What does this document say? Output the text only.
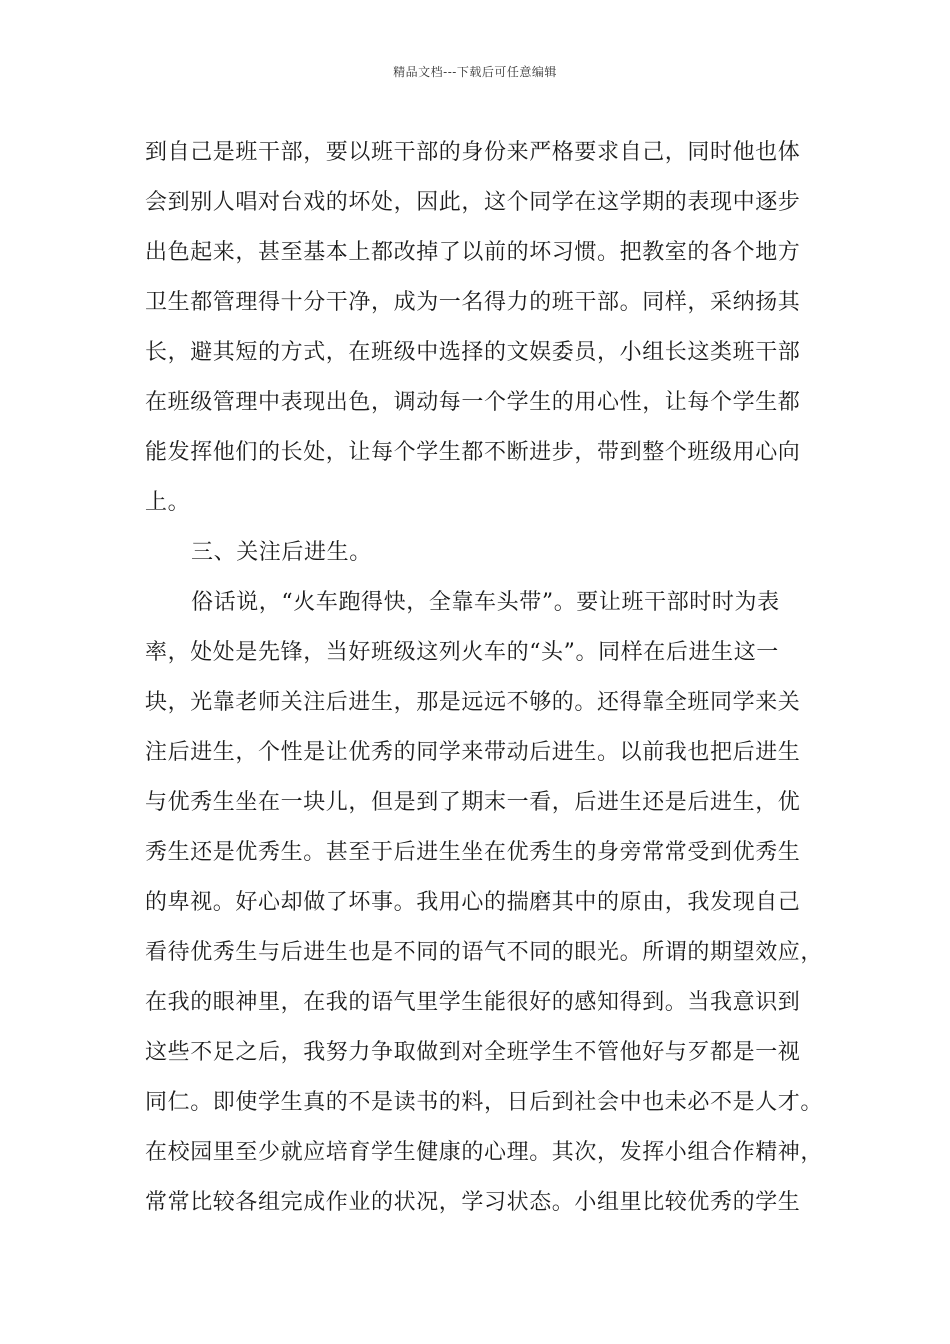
精品文档---下载后可任意编辑
到自己是班干部，要以班干部的身份来严格要求自己，同时他也体
会到别人唱对台戏的坏处，因此，这个同学在这学期的表现中逐步
出色起来，甚至基本上都改掉了以前的坏习惯。把教室的各个地方
卫生都管理得十分干净，成为一名得力的班干部。同样，采纳扬其
长，避其短的方式，在班级中选择的文娱委员，小组长这类班干部
在班级管理中表现出色，调动每一个学生的用心性，让每个学生都
能发挥他们的长处，让每个学生都不断进步，带到整个班级用心向
上。
三、关注后进生。
俗话说，“火车跑得快，全靠车头带”。要让班干部时时为表
率，处处是先锋，当好班级这列火车的“头”。同样在后进生这一
块，光靠老师关注后进生，那是远远不够的。还得靠全班同学来关
注后进生，个性是让优秀的同学来带动后进生。以前我也把后进生
与优秀生坐在一块儿，但是到了期末一看，后进生还是后进生，优
秀生还是优秀生。甚至于后进生坐在优秀生的身旁常常受到优秀生
的卑视。好心却做了坏事。我用心的揣磨其中的原由，我发现自己
看待优秀生与后进生也是不同的语气不同的眼光。所谓的期望效应，
在我的眼神里，在我的语气里学生能很好的感知得到。当我意识到
这些不足之后，我努力争取做到对全班学生不管他好与歹都是一视
同仁。即使学生真的不是读书的料，日后到社会中也未必不是人才。
在校园里至少就应培育学生健康的心理。其次，发挥小组合作精神，
常常比较各组完成作业的状况，学习状态。小组里比较优秀的学生
